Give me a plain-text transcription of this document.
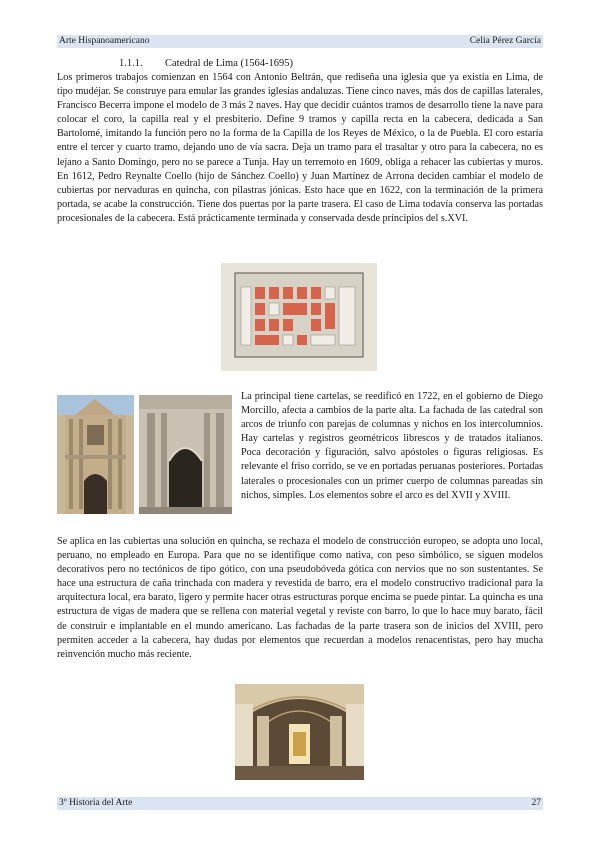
Arte Hispanoamericano	Celia Pérez García
1.1.1. Catedral de Lima (1564-1695)

Los primeros trabajos comienzan en 1564 con Antonio Beltrán, que rediseña una iglesia que ya existía en Lima, de tipo mudéjar. Se construye para emular las grandes iglesias andaluzas. Tiene cinco naves, más dos de capillas laterales, Francisco Becerra impone el modelo de 3 más 2 naves. Hay que decidir cuántos tramos de desarrollo tiene la nave para colocar el coro, la capilla real y el presbiterio. Define 9 tramos y capilla recta en la cabecera, dedicada a San Bartolomé, imitando la función pero no la forma de la Capilla de los Reyes de México, o la de Puebla. El coro estaría entre el tercer y cuarto tramo, dejando uno de vía sacra. Deja un tramo para el trasaltar y otro para la cabecera, no es lejano a Santo Domingo, pero no se parece a Tunja. Hay un terremoto en 1609, obliga a rehacer las cubiertas y muros. En 1612, Pedro Reynalte Coello (hijo de Sánchez Coello) y Juan Martínez de Arrona deciden cambiar el modelo de cubiertas por nervaduras en quincha, con pilastras jónicas. Esto hace que en 1622, con la terminación de la primera portada, se acabe la construcción. Tiene dos puertas por la parte trasera. El caso de Lima todavía conserva las portadas procesionales de la cabecera. Está prácticamente terminada y conservada desde principios del s.XVI.

La principal tiene cartelas, se reedificó en 1722, en el gobierno de Diego Morcillo, afecta a cambios de la parte alta. La fachada de las catedral son arcos de triunfo con parejas de columnas y nichos en los intercolumnios. Hay cartelas y registros geométricos librescos y de tratados italianos. Poca decoración y figuración, salvo apóstoles o figuras religiosas. Es relevante el friso corrido, se ve en portadas peruanas posteriores. Portadas laterales o procesionales con un primer cuerpo de columnas pareadas sin nichos, simples. Los elementos sobre el arco es del XVII y XVIII.

Se aplica en las cubiertas una solución en quincha, se rechaza el modelo de construcción europeo, se adopta uno local, peruano, no empleado en Europa. Para que no se identifique como nativa, con peso simbólico, se siguen modelos decorativos pero no tectónicos de tipo gótico, con una pseudobóveda gótica con nervios que no son sustentantes. Se hace una estructura de caña trinchada con madera y revestida de barro, era el modelo constructivo tradicional para la arquitectura local, era barato, ligero y permite hacer otras estructuras porque encima se puede pintar. La quincha es una estructura de vigas de madera que se rellena con material vegetal y reviste con barro, lo que lo hace muy barato, fácil de construir e implantable en el mundo americano. Las fachadas de la parte trasera son de inicios del XVIII, pero permiten acceder a la cabecera, hay dudas por elementos que recuerdan a modelos renacentistas, pero hay mucha reinvención mucho más reciente.

3º Historia del Arte	27
